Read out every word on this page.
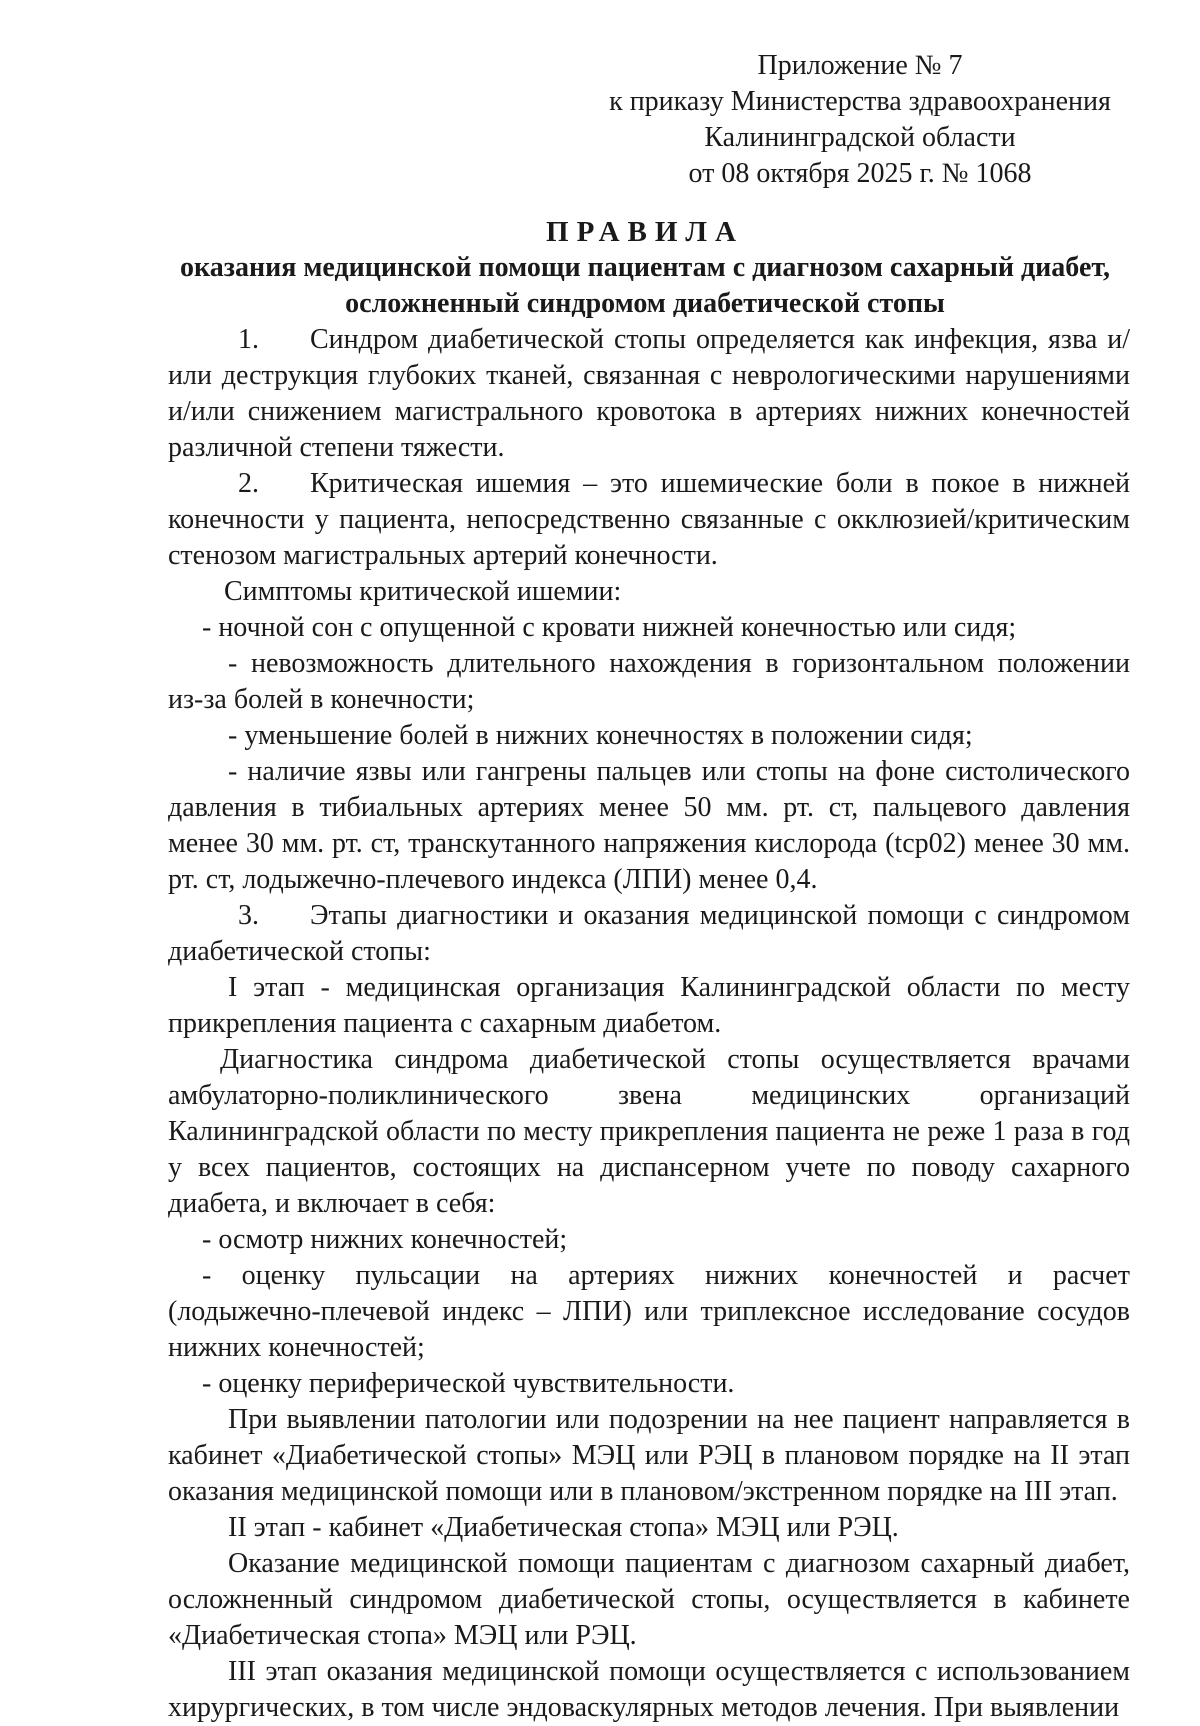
Приложение № 7
к приказу Министерства здравоохранения
Калининградской области
от 08 октября 2025 г. № 1068
ПРАВИЛА
оказания медицинской помощи пациентам с диагнозом сахарный диабет,
осложненный синдромом диабетической стопы

1. Синдром диабетической стопы определяется как инфекция, язва и/или деструкция глубоких тканей, связанная с неврологическими нарушениями и/или снижением магистрального кровотока в артериях нижних конечностей различной степени тяжести.

2. Критическая ишемия – это ишемические боли в покое в нижней конечности у пациента, непосредственно связанные с окклюзией/критическим стенозом магистральных артерий конечности.

Симптомы критической ишемии:

- ночной сон с опущенной с кровати нижней конечностью или сидя;

- невозможность длительного нахождения в горизонтальном положении из-за болей в конечности;

- уменьшение болей в нижних конечностях в положении сидя;

- наличие язвы или гангрены пальцев или стопы на фоне систолического давления в тибиальных артериях менее 50 мм. рт. ст, пальцевого давления менее 30 мм. рт. ст, транскутанного напряжения кислорода (tcp02) менее 30 мм. рт. ст, лодыжечно-плечевого индекса (ЛПИ) менее 0,4.

3. Этапы диагностики и оказания медицинской помощи с синдромом диабетической стопы:

I этап - медицинская организация Калининградской области по месту прикрепления пациента с сахарным диабетом.

Диагностика синдрома диабетической стопы осуществляется врачами

амбулаторно-поликлинического звена медицинских организаций

Калининградской области по месту прикрепления пациента не реже 1 раза в год у всех пациентов, состоящих на диспансерном учете по поводу сахарного диабета, и включает в себя:

- осмотр нижних конечностей;

- оценку пульсации на артериях нижних конечностей и расчет

(лодыжечно-плечевой индекс – ЛПИ) или триплексное исследование сосудов нижних конечностей;

- оценку периферической чувствительности.

При выявлении патологии или подозрении на нее пациент направляется в кабинет «Диабетической стопы» МЭЦ или РЭЦ в плановом порядке на II этап оказания медицинской помощи или в плановом/экстренном порядке на III этап.

II этап - кабинет «Диабетическая стопа» МЭЦ или РЭЦ.

Оказание медицинской помощи пациентам с диагнозом сахарный диабет, осложненный синдромом диабетической стопы, осуществляется в кабинете «Диабетическая стопа» МЭЦ или РЭЦ.

III этап оказания медицинской помощи осуществляется с использованием хирургических, в том числе эндоваскулярных методов лечения. При выявлении
